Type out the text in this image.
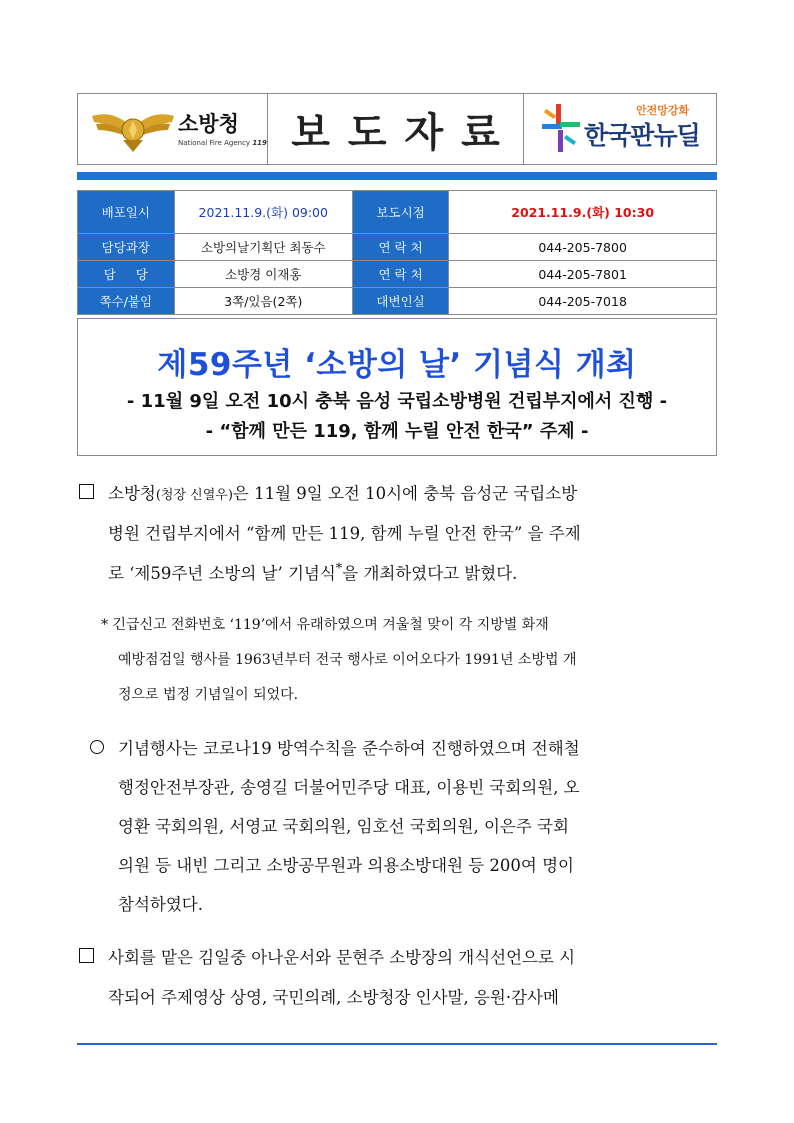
소방청
National Fire Agency 119 보도자료	안전망강화
한국판뉴딜
배포일시	2021.11.9.(화) 09:00	보도시점	2021.11.9.(화) 10:30
담당과장	소방의날기획단 최동수	연 락 처	044-205-7800
담     당	소방경 이재홍	연 락 처	044-205-7801
쪽수/붙임	3쪽/있음(2쪽)	대변인실	044-205-7018
제59주년 ‘소방의 날’ 기념식 개최
- 11월 9일 오전 10시 충북 음성 국립소방병원 건립부지에서 진행 -
- “함께 만든 119, 함께 누릴 안전 한국” 주제 -
소방청(청장 신열우)은 11월 9일 오전 10시에 충북 음성군 국립소방
병원 건립부지에서 “함께 만든 119, 함께 누릴 안전 한국” 을 주제
로 ‘제59주년 소방의 날’ 기념식*을 개최하였다고 밝혔다.
* 긴급신고 전화번호 ‘119’에서 유래하였으며 겨울철 맞이 각 지방별 화재
예방점검일 행사를 1963년부터 전국 행사로 이어오다가 1991년 소방법 개
정으로 법정 기념일이 되었다.
기념행사는 코로나19 방역수칙을 준수하여 진행하였으며 전해철
행정안전부장관, 송영길 더불어민주당 대표, 이용빈 국회의원, 오
영환 국회의원, 서영교 국회의원, 임호선 국회의원, 이은주 국회
의원 등 내빈 그리고 소방공무원과 의용소방대원 등 200여 명이
참석하였다.
사회를 맡은 김일중 아나운서와 문현주 소방장의 개식선언으로 시
작되어 주제영상 상영, 국민의례, 소방청장 인사말, 응원·감사메
